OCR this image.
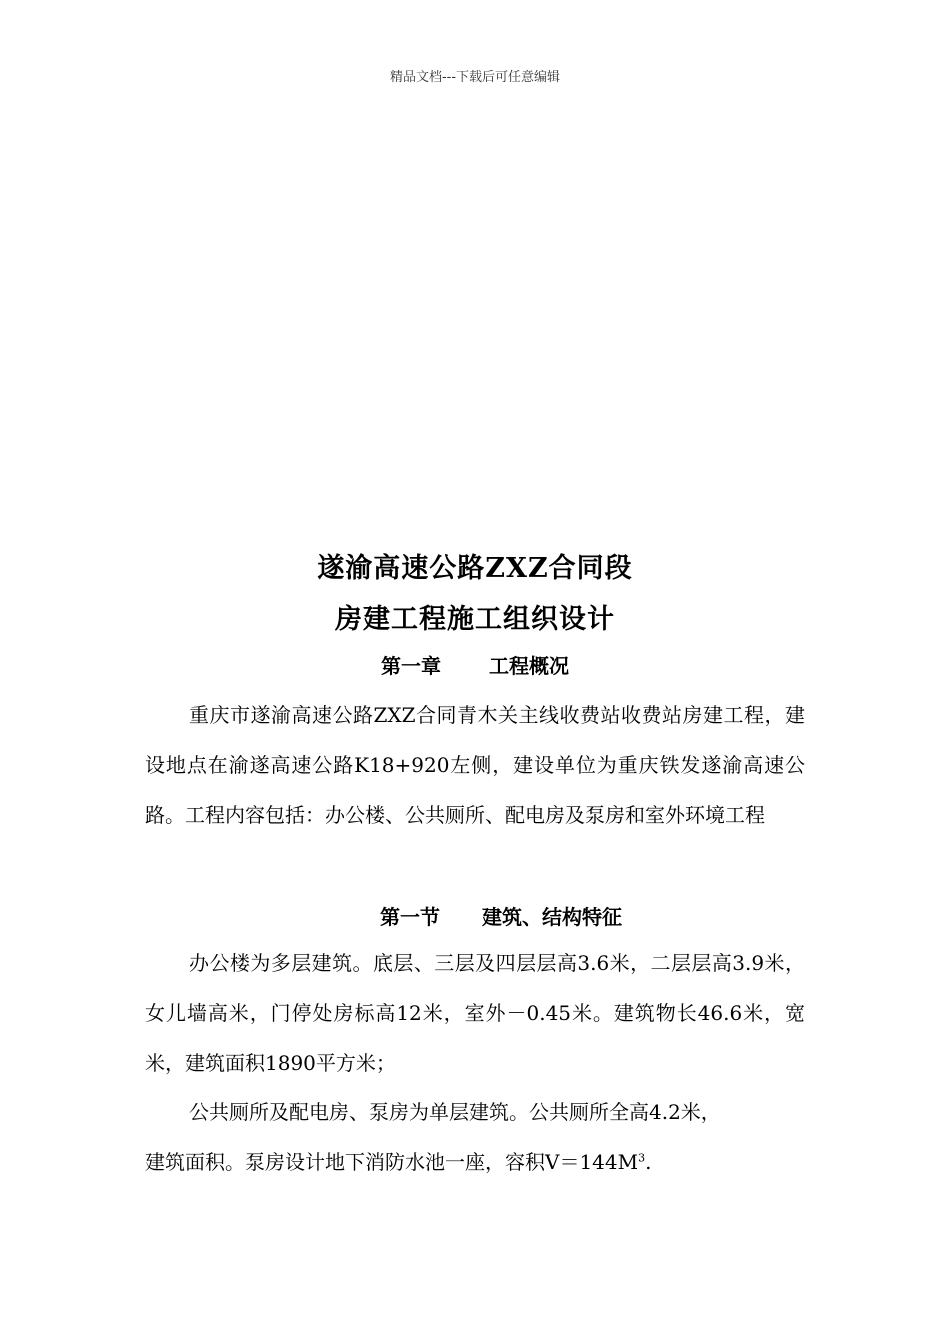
精品文档---下载后可任意编辑
遂渝高速公路ZXZ合同段
房建工程施工组织设计
第一章 工程概况

重庆市遂渝高速公路ZXZ合同青木关主线收费站收费站房建工程，建设地点在渝遂高速公路K18+920左侧，建设单位为重庆铁发遂渝高速公路。工程内容包括：办公楼、公共厕所、配电房及泵房和室外环境工程

第一节 建筑、结构特征

办公楼为多层建筑。底层、三层及四层层高3.6米，二层层高3.9米，女儿墙高米，门停处房标高12米，室外－0.45米。建筑物长46.6米，宽米，建筑面积1890平方米；

公共厕所及配电房、泵房为单层建筑。公共厕所全高4.2米，

建筑面积。泵房设计地下消防水池一座，容积$V=144M^3$.
